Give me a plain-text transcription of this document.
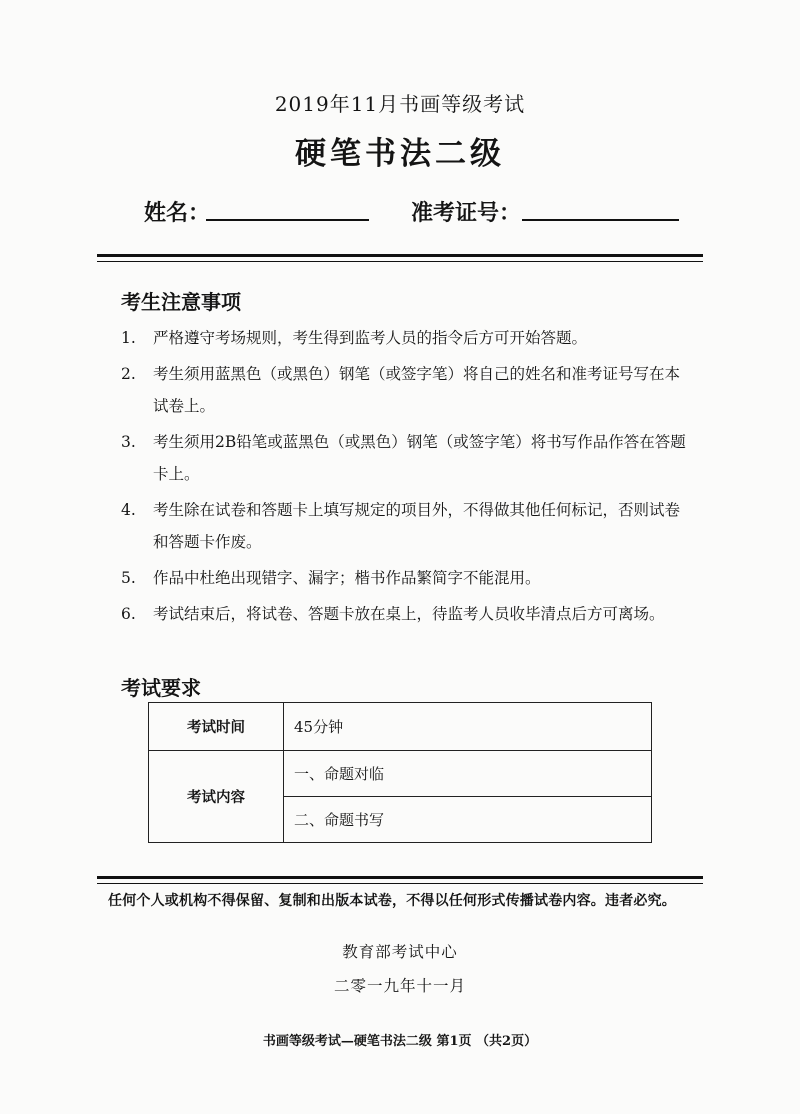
2019年11月书画等级考试
硬笔书法二级
姓名：	准考证号：
考生注意事项
1. 严格遵守考场规则，考生得到监考人员的指令后方可开始答题。
2. 考生须用蓝黑色（或黑色）钢笔（或签字笔）将自己的姓名和准考证号写在本试卷上。
3. 考生须用2B铅笔或蓝黑色（或黑色）钢笔（或签字笔）将书写作品作答在答题卡上。
4. 考生除在试卷和答题卡上填写规定的项目外，不得做其他任何标记，否则试卷和答题卡作废。
5. 作品中杜绝出现错字、漏字；楷书作品繁简字不能混用。
6. 考试结束后，将试卷、答题卡放在桌上，待监考人员收毕清点后方可离场。
考试要求
考试时间	45分钟
考试内容	一、命题对临
	二、命题书写
任何个人或机构不得保留、复制和出版本试卷，不得以任何形式传播试卷内容。违者必究。
教育部考试中心
二零一九年十一月
书画等级考试—硬笔书法二级 第1页 （共2页）
